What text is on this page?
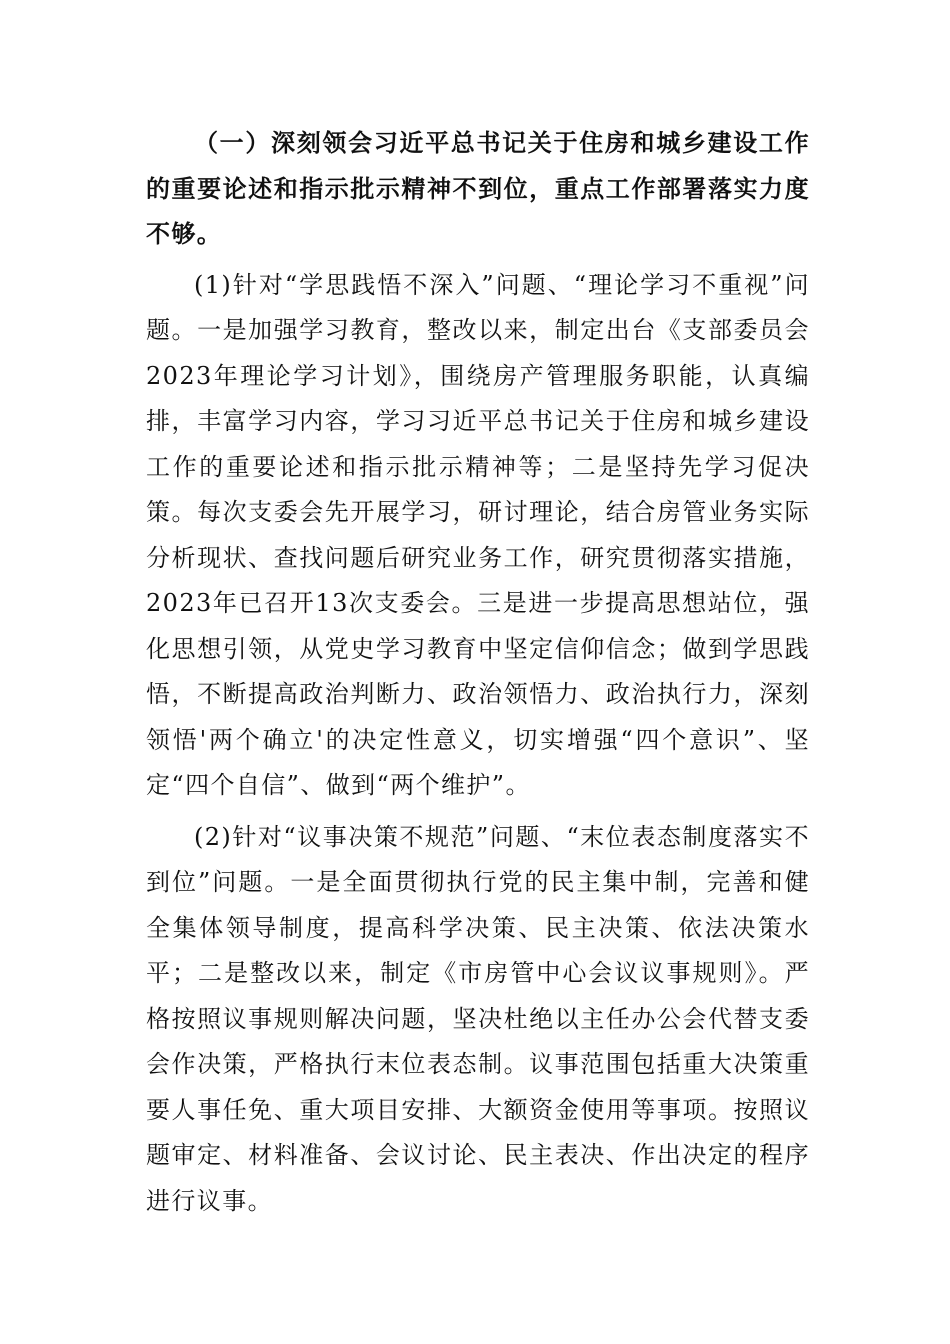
（一）深刻领会习近平总书记关于住房和城乡建设工作的重要论述和指示批示精神不到位，重点工作部署落实力度不够。

(1)针对“学思践悟不深入”问题、“理论学习不重视”问题。一是加强学习教育，整改以来，制定出台《支部委员会2023年理论学习计划》，围绕房产管理服务职能，认真编排，丰富学习内容，学习习近平总书记关于住房和城乡建设工作的重要论述和指示批示精神等；二是坚持先学习促决策。每次支委会先开展学习，研讨理论，结合房管业务实际分析现状、查找问题后研究业务工作，研究贯彻落实措施，2023年已召开13次支委会。三是进一步提高思想站位，强化思想引领，从党史学习教育中坚定信仰信念；做到学思践悟，不断提高政治判断力、政治领悟力、政治执行力，深刻领悟'两个确立'的决定性意义，切实增强“四个意识”、坚定“四个自信”、做到“两个维护”。

(2)针对“议事决策不规范”问题、“末位表态制度落实不到位”问题。一是全面贯彻执行党的民主集中制，完善和健全集体领导制度，提高科学决策、民主决策、依法决策水平；二是整改以来，制定《市房管中心会议议事规则》。严格按照议事规则解决问题，坚决杜绝以主任办公会代替支委会作决策，严格执行末位表态制。议事范围包括重大决策重要人事任免、重大项目安排、大额资金使用等事项。按照议题审定、材料准备、会议讨论、民主表决、作出决定的程序进行议事。
